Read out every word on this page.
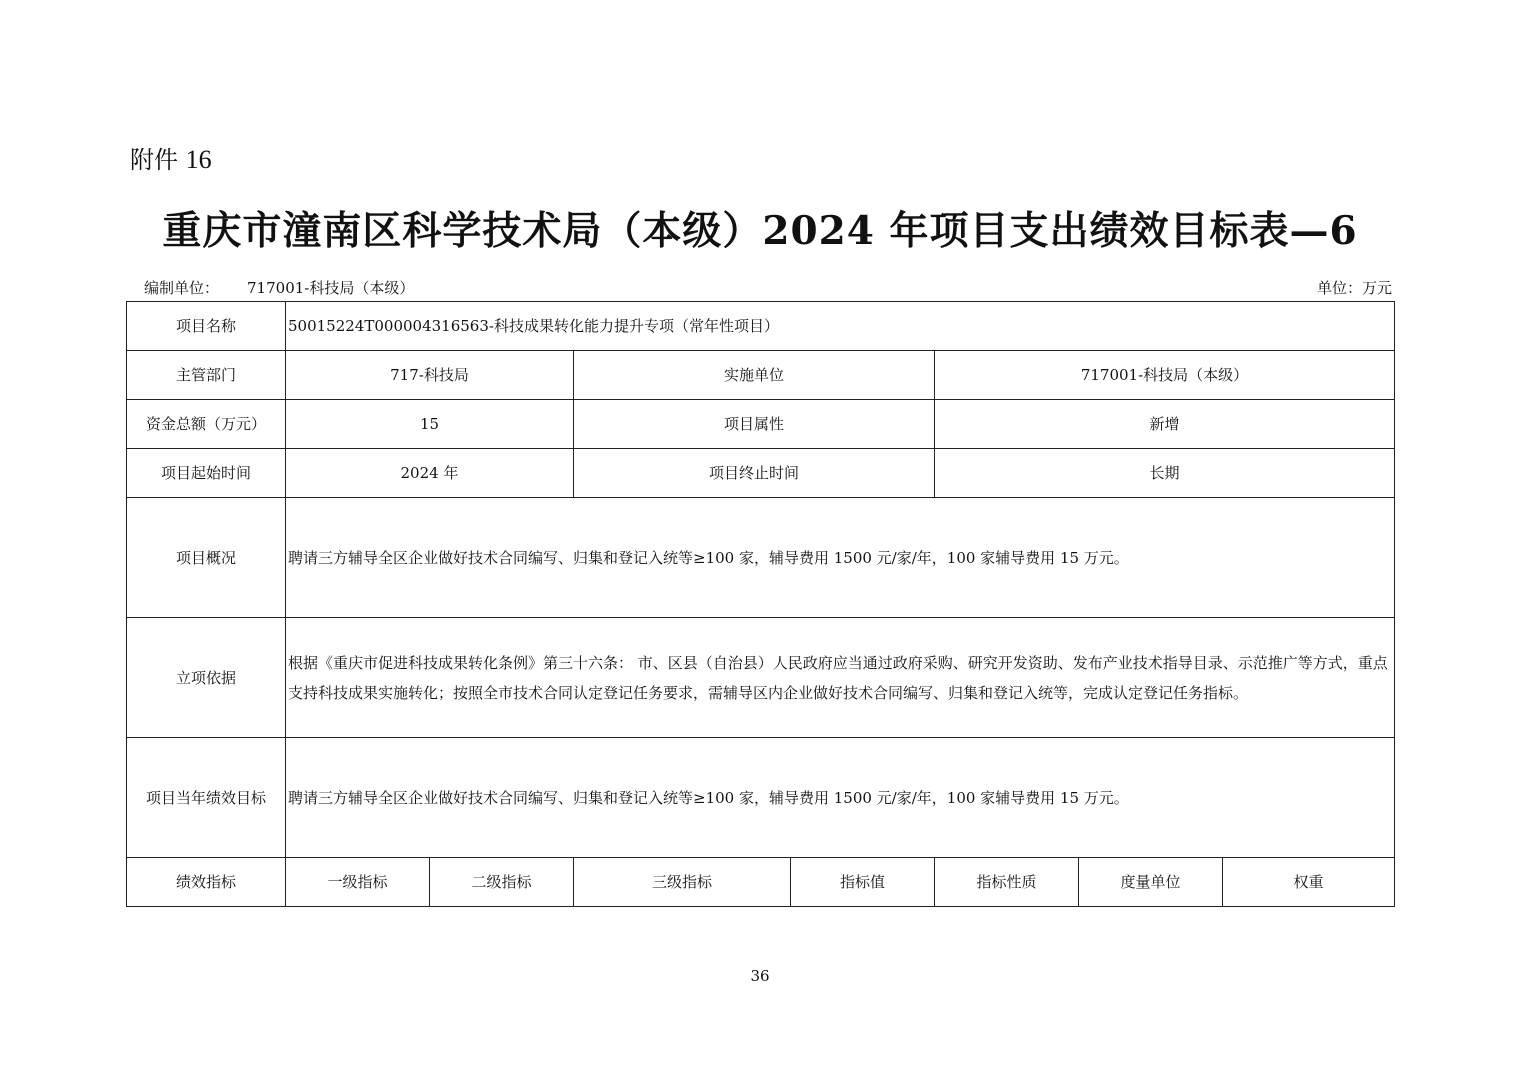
附件 16
重庆市潼南区科学技术局（本级）2024 年项目支出绩效目标表—6
编制单位： 717001-科技局（本级）	单位：万元
项目名称	50015224T000004316563-科技成果转化能力提升专项（常年性项目）						
主管部门	717-科技局		实施单位		717001-科技局（本级）		
资金总额（万元）	15		项目属性		新增		
项目起始时间	2024 年		项目终止时间		长期		
项目概况	聘请三方辅导全区企业做好技术合同编写、归集和登记入统等≥100 家，辅导费用 1500 元/家/年，100 家辅导费用 15 万元。						
立项依据	根据《重庆市促进科技成果转化条例》第三十六条： 市、区县（自治县）人民政府应当通过政府采购、研究开发资助、发布产业技术指导目录、示范推广等方式，重点支持科技成果实施转化；按照全市技术合同认定登记任务要求，需辅导区内企业做好技术合同编写、归集和登记入统等，完成认定登记任务指标。						
项目当年绩效目标	聘请三方辅导全区企业做好技术合同编写、归集和登记入统等≥100 家，辅导费用 1500 元/家/年，100 家辅导费用 15 万元。						
绩效指标	一级指标	二级指标	三级指标	指标值	指标性质	度量单位	权重
36
